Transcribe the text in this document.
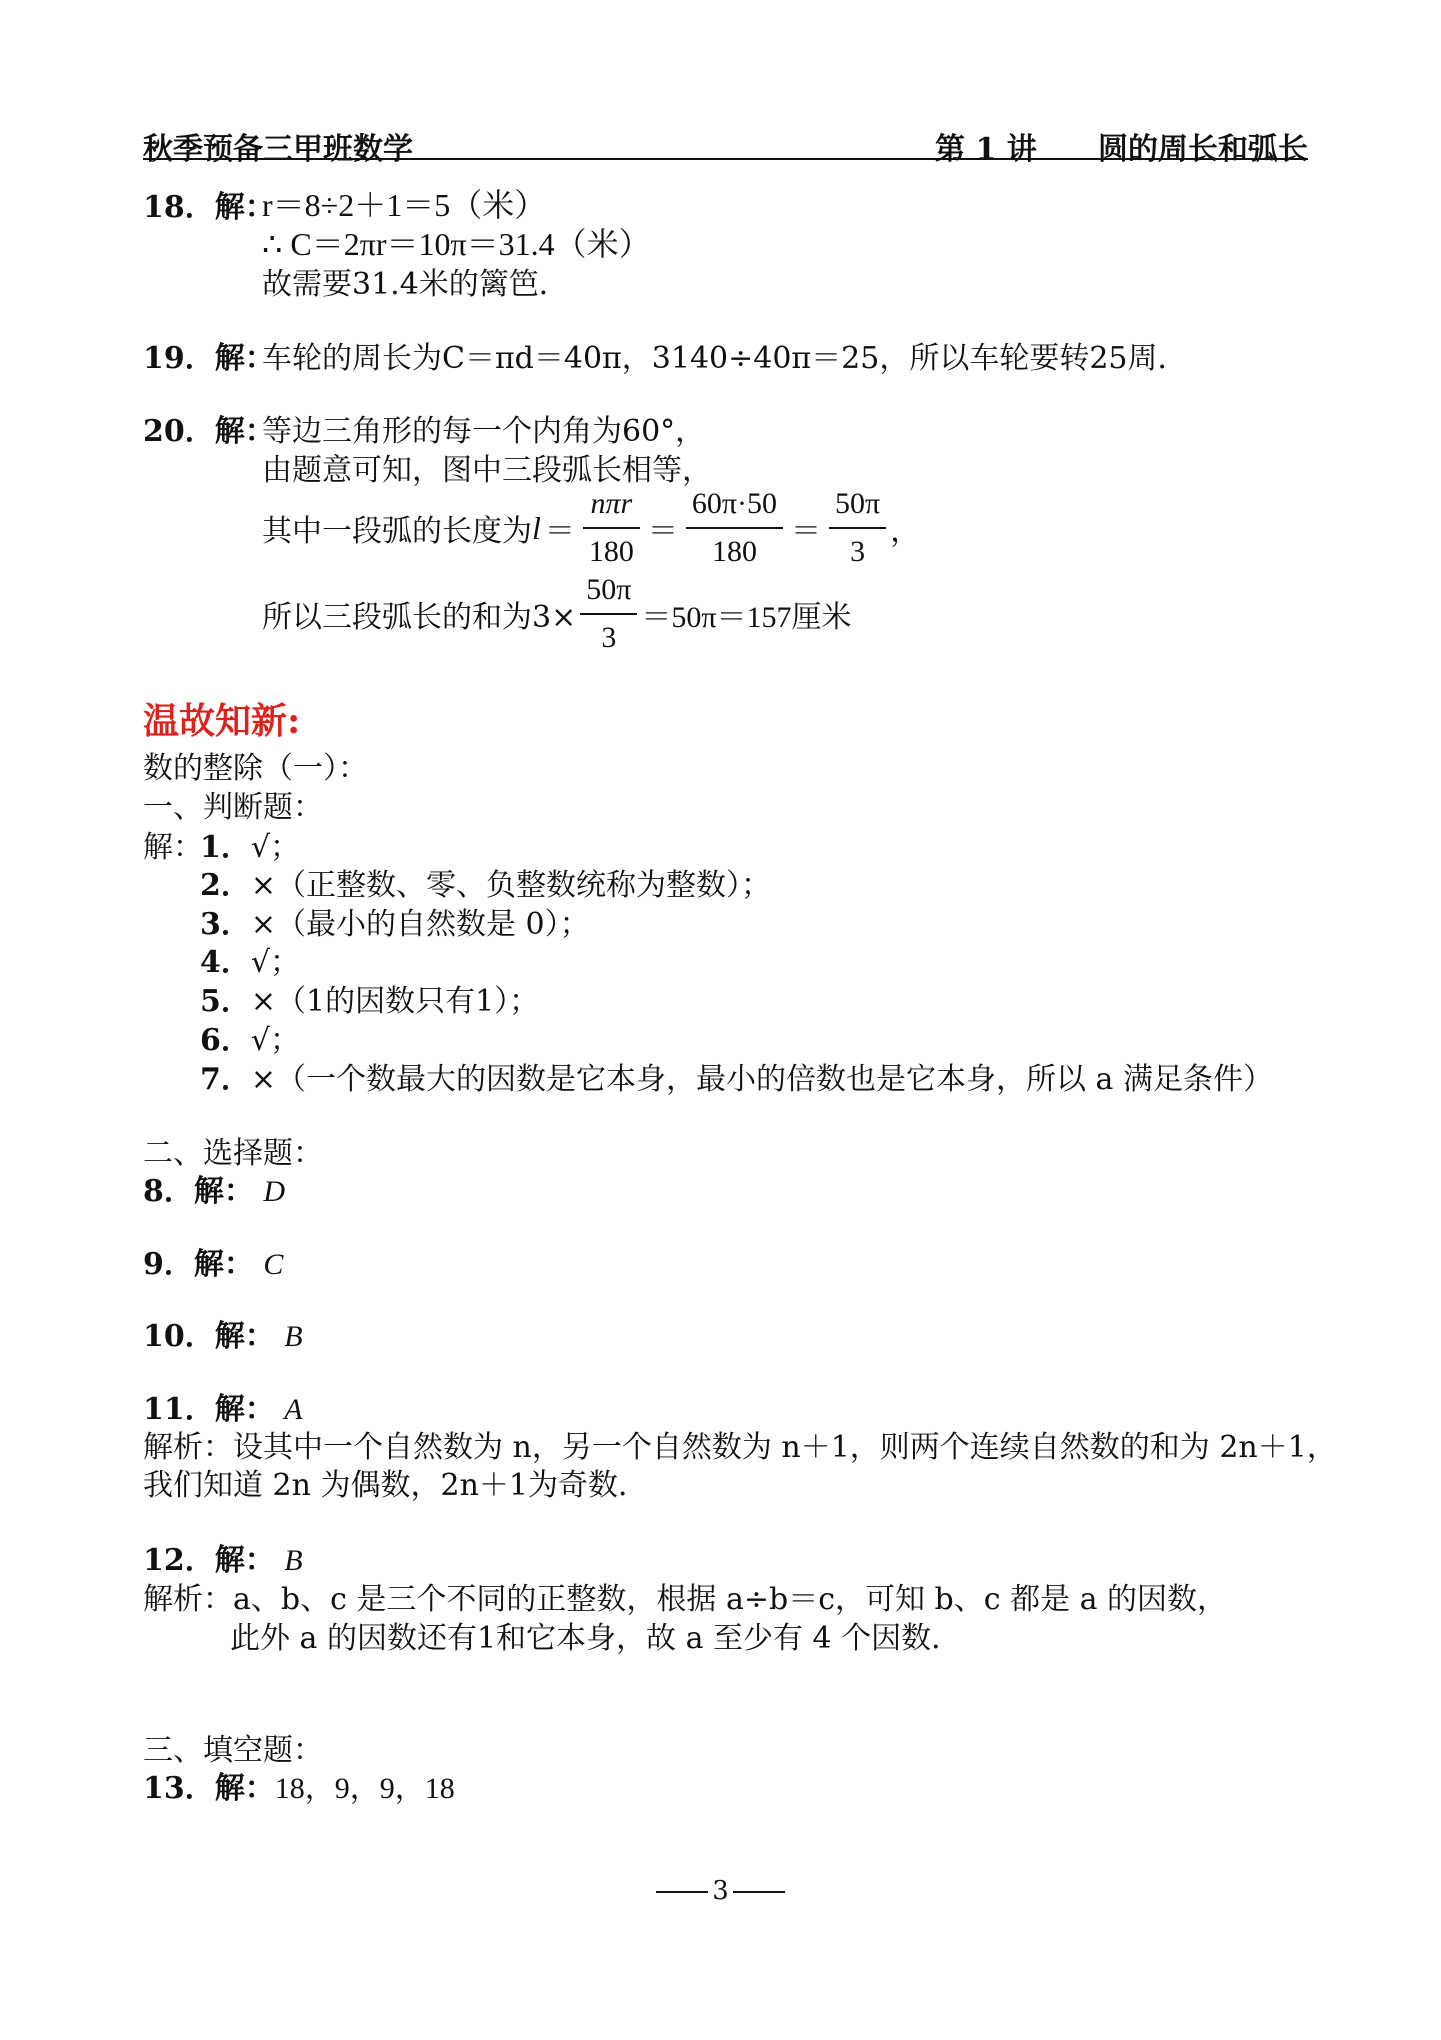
秋季预备三甲班数学	第 1 讲 圆的周长和弧长
18．解：
r＝8÷2＋1＝5（米）
∴ C＝2πr＝10π＝31.4（米）
故需要31.4米的篱笆．
19．解：
车轮的周长为C＝πd＝40π，3140÷40π＝25，所以车轮要转25周．
20．解：
等边三角形的每一个内角为60°，
由题意可知，图中三段弧长相等，
其中一段弧的长度为 $l = \frac{\text{nπr}}{180} = \frac{60\pi\cdot 50}{180} = \frac{50\pi}{3}$ ，
所以三段弧长的和为$3\times \frac{50\pi}{3} =50\pi=157$厘米
温故知新:
数的整除（一）：
一、判断题：
解：
1．√；
2．×（正整数、零、负整数统称为整数）；
3．×（最小的自然数是 0）；
4．√；
5．×（1的因数只有1）；
6．√；
7．×（一个数最大的因数是它本身，最小的倍数也是它本身，所以 a 满足条件）
二、选择题：
8．解： D
9．解： C
10．解： B
11．解： A
解析：设其中一个自然数为 n，另一个自然数为 n＋1，则两个连续自然数的和为 2n＋1，
我们知道 2n 为偶数，2n＋1为奇数．
12．解： B
解析：a、b、c 是三个不同的正整数，根据 a÷b＝c，可知 b、c 都是 a 的因数，
此外 a 的因数还有1和它本身，故 a 至少有 4 个因数．
三、填空题：
13．解：18，9，9，18
3
